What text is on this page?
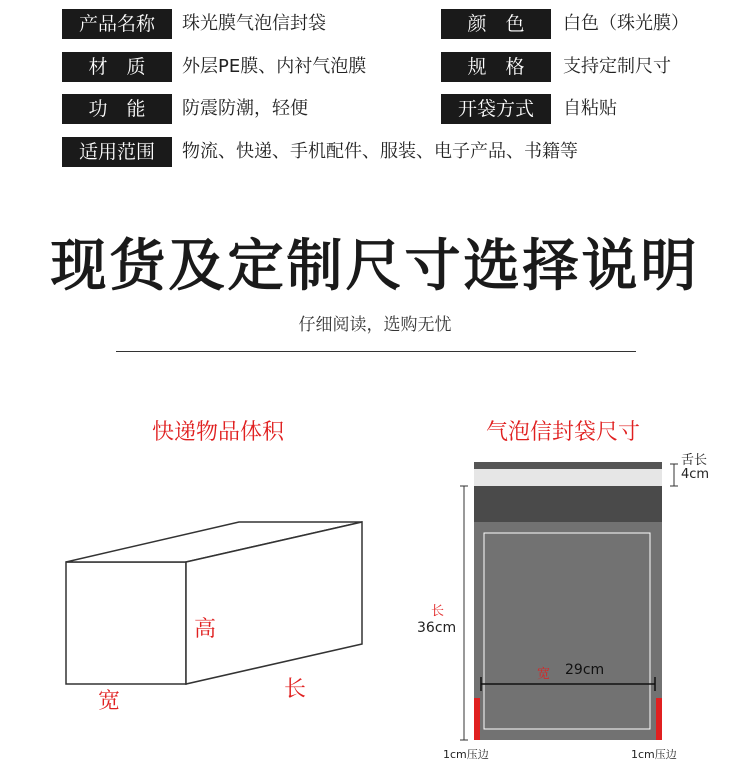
产品名称	珠光膜气泡信封袋	颜　色	白色（珠光膜）
材　质	外层PE膜、内衬气泡膜	规　格	支持定制尺寸
功　能	防震防潮，轻便	开袋方式	自粘贴
适用范围	物流、快递、手机配件、服装、电子产品、书籍等
现货及定制尺寸选择说明
仔细阅读，选购无忧
快递物品体积	气泡信封袋尺寸
高
宽	长
舌长
4cm
长
36cm
宽 29cm
1cm压边	1cm压边
